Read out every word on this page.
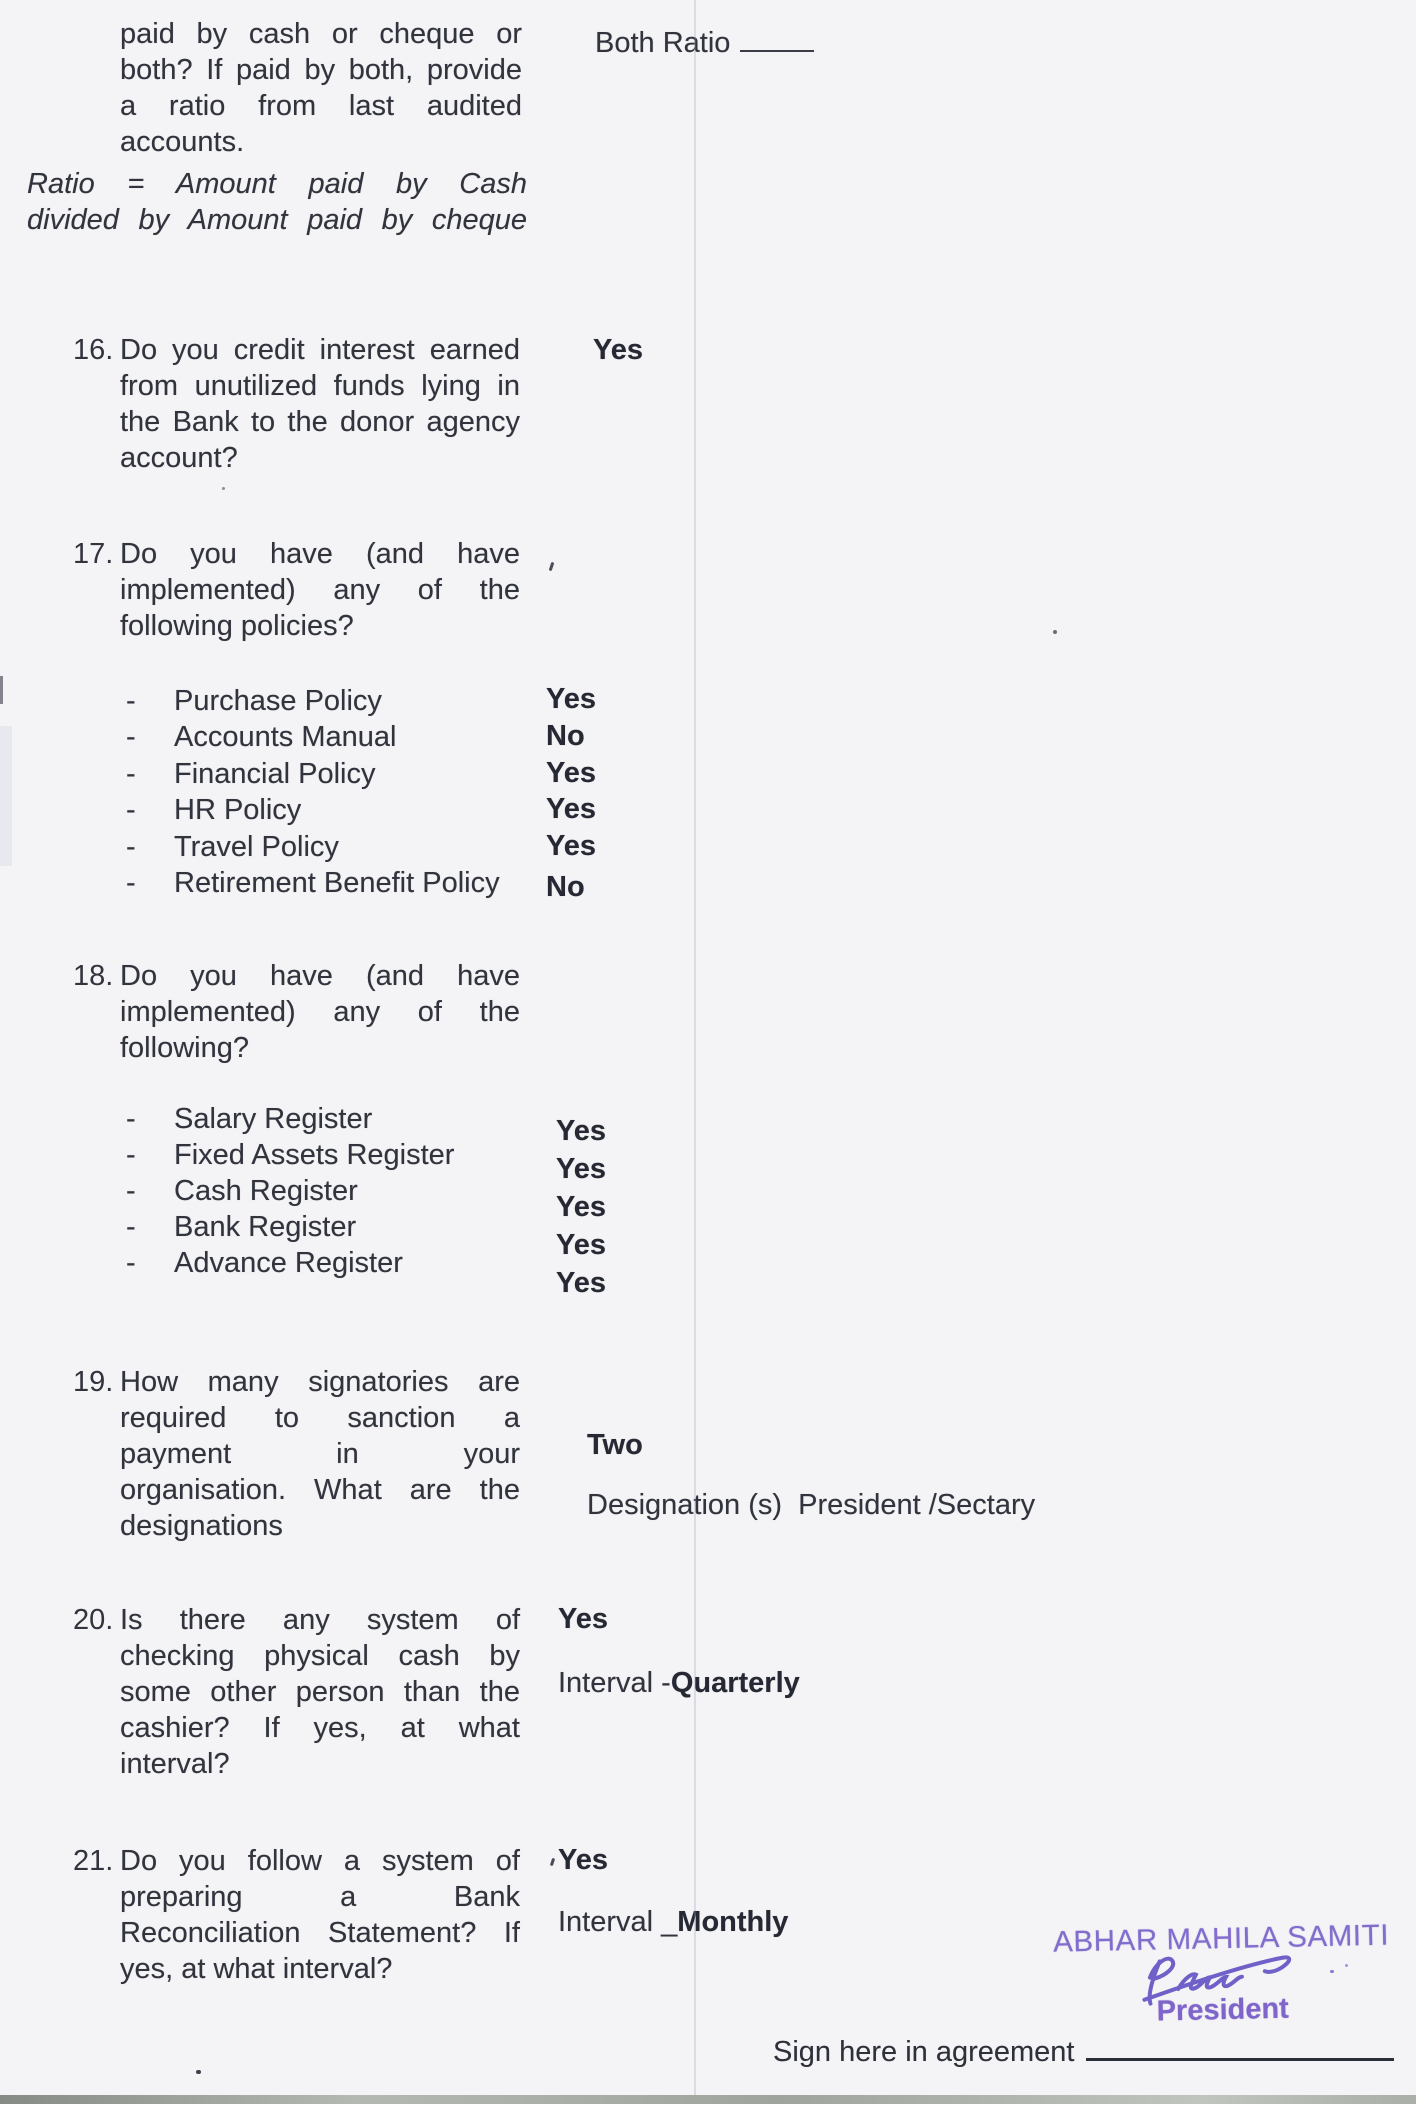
paid by cash or cheque or
both? If paid by both, provide
a ratio from last audited
accounts.
Both Ratio
Ratio = Amount paid by Cash
divided by Amount paid by cheque
16. Do you credit interest earned
from unutilized funds lying in
the Bank to the donor agency
account?
Yes
17. Do you have (and have
implemented) any of the
following policies?
- Purchase Policy
- Accounts Manual
- Financial Policy
- HR Policy
- Travel Policy
- Retirement Benefit Policy
Yes
No
Yes
Yes
Yes
No
18. Do you have (and have
implemented) any of the
following?
- Salary Register
- Fixed Assets Register
- Cash Register
- Bank Register
- Advance Register
Yes
Yes
Yes
Yes
Yes
19. How many signatories are
required to sanction a
payment in your
organisation. What are the
designations
Two
Designation (s) President /Sectary
20. Is there any system of
checking physical cash by
some other person than the
cashier? If yes, at what
interval?
Yes
Interval -Quarterly
21. Do you follow a system of
preparing a Bank
Reconciliation Statement? If
yes, at what interval?
Yes
Interval _Monthly	ABHAR MAHILA SAMITI
President
Sign here in agreement
